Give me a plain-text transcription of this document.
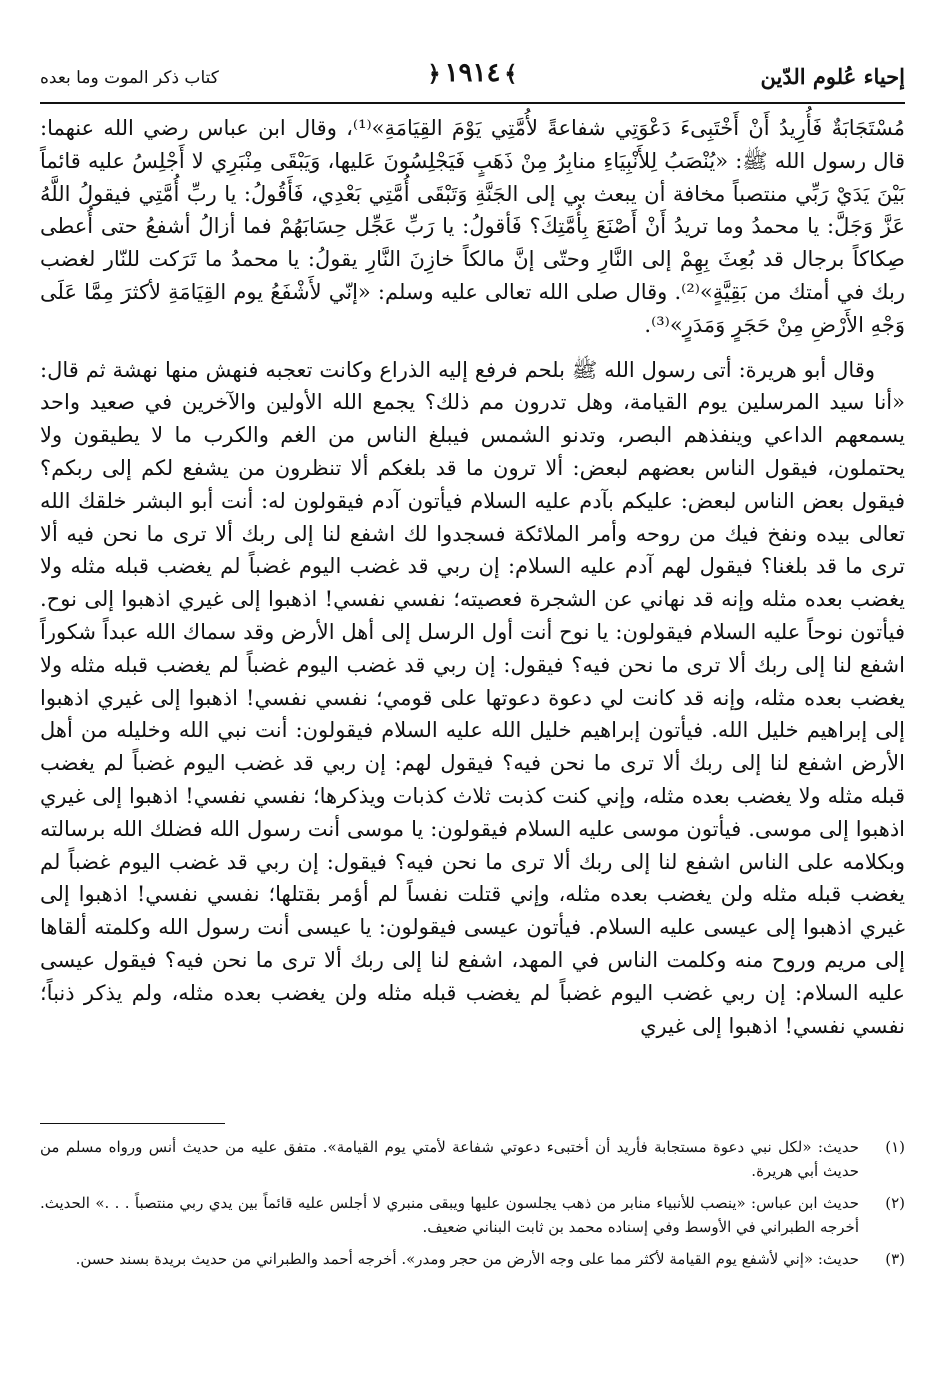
إحياء عُلوم الدّين
﴾١٩١٤﴿
كتاب ذكر الموت وما بعده

مُسْتَجَابَةٌ فَأُرِيدُ أَنْ أَخْتَبِىءَ دَعْوَتِي شفاعةً لأُمَّتِي يَوْمَ القِيَامَةِ»⁽¹⁾، وقال ابن عباس رضي الله عنهما: قال رسول الله ﷺ: «يُنْصَبُ لِلأَنْبِيَاءِ منابِرُ مِنْ ذَهَبٍ فَيَجْلِسُونَ عَليها، وَيَبْقَى مِنْبَرِي لا أَجْلِسُ عليه قائماً بَيْنَ يَدَيْ رَبِّي منتصباً مخافة أن يبعث بي إلى الجَنَّةِ وَتَبْقَى أُمَّتِي بَعْدِي، فَأَقُولُ: يا ربِّ أُمَّتِي فيقولُ اللَّهُ عَزَّ وَجَلَّ: يا محمدُ وما تريدُ أَنْ أَصْنَعَ بِأُمَّتِكَ؟ فَأقولُ: يا رَبِّ عَجِّل حِسَابَهُمْ فما أزالُ أشفعُ حتى أُعطى صِكاكاً برجال قد بُعِثَ بِهِمْ إلى النَّارِ وحتّى إنَّ مالكاً خازِنَ النَّارِ يقولُ: يا محمدُ ما تَرَكت للنّار لغضب ربك في أمتك من بَقِيَّةٍ»⁽²⁾. وقال صلى الله تعالى عليه وسلم: «إنّي لأَشْفَعُ يوم القِيَامَةِ لأكثرَ مِمَّا عَلَى وَجْهِ الأَرْضِ مِنْ حَجَرٍ وَمَدَرٍ»⁽³⁾.

وقال أبو هريرة: أتى رسول الله ﷺ بلحم فرفع إليه الذراع وكانت تعجبه فنهش منها نهشة ثم قال: «أنا سيد المرسلين يوم القيامة، وهل تدرون مم ذلك؟ يجمع الله الأولين والآخرين في صعيد واحد يسمعهم الداعي وينفذهم البصر، وتدنو الشمس فيبلغ الناس من الغم والكرب ما لا يطيقون ولا يحتملون، فيقول الناس بعضهم لبعض: ألا ترون ما قد بلغكم ألا تنظرون من يشفع لكم إلى ربكم؟ فيقول بعض الناس لبعض: عليكم بآدم عليه السلام فيأتون آدم فيقولون له: أنت أبو البشر خلقك الله تعالى بيده ونفخ فيك من روحه وأمر الملائكة فسجدوا لك اشفع لنا إلى ربك ألا ترى ما نحن فيه ألا ترى ما قد بلغنا؟ فيقول لهم آدم عليه السلام: إن ربي قد غضب اليوم غضباً لم يغضب قبله مثله ولا يغضب بعده مثله وإنه قد نهاني عن الشجرة فعصيته؛ نفسي نفسي! اذهبوا إلى غيري اذهبوا إلى نوح. فيأتون نوحاً عليه السلام فيقولون: يا نوح أنت أول الرسل إلى أهل الأرض وقد سماك الله عبداً شكوراً اشفع لنا إلى ربك ألا ترى ما نحن فيه؟ فيقول: إن ربي قد غضب اليوم غضباً لم يغضب قبله مثله ولا يغضب بعده مثله، وإنه قد كانت لي دعوة دعوتها على قومي؛ نفسي نفسي! اذهبوا إلى غيري اذهبوا إلى إبراهيم خليل الله. فيأتون إبراهيم خليل الله عليه السلام فيقولون: أنت نبي الله وخليله من أهل الأرض اشفع لنا إلى ربك ألا ترى ما نحن فيه؟ فيقول لهم: إن ربي قد غضب اليوم غضباً لم يغضب قبله مثله ولا يغضب بعده مثله، وإني كنت كذبت ثلاث كذبات ويذكرها؛ نفسي نفسي! اذهبوا إلى غيري اذهبوا إلى موسى. فيأتون موسى عليه السلام فيقولون: يا موسى أنت رسول الله فضلك الله برسالته وبكلامه على الناس اشفع لنا إلى ربك ألا ترى ما نحن فيه؟ فيقول: إن ربي قد غضب اليوم غضباً لم يغضب قبله مثله ولن يغضب بعده مثله، وإني قتلت نفساً لم أؤمر بقتلها؛ نفسي نفسي! اذهبوا إلى غيري اذهبوا إلى عيسى عليه السلام. فيأتون عيسى فيقولون: يا عيسى أنت رسول الله وكلمته ألقاها إلى مريم وروح منه وكلمت الناس في المهد، اشفع لنا إلى ربك ألا ترى ما نحن فيه؟ فيقول عيسى عليه السلام: إن ربي غضب اليوم غضباً لم يغضب قبله مثله ولن يغضب بعده مثله، ولم يذكر ذنباً؛ نفسي نفسي! اذهبوا إلى غيري

(١)
حديث: «لكل نبي دعوة مستجابة فأريد أن أختبىء دعوتي شفاعة لأمتي يوم القيامة». متفق عليه من حديث أنس ورواه مسلم من حديث أبي هريرة.
(٢)
حديث ابن عباس: «ينصب للأنبياء منابر من ذهب يجلسون عليها ويبقى منبري لا أجلس عليه قائماً بين يدي ربي منتصباً . . .» الحديث. أخرجه الطبراني في الأوسط وفي إسناده محمد بن ثابت البناني ضعيف.
(٣)
حديث: «إني لأشفع يوم القيامة لأكثر مما على وجه الأرض من حجر ومدر». أخرجه أحمد والطبراني من حديث بريدة بسند حسن.
